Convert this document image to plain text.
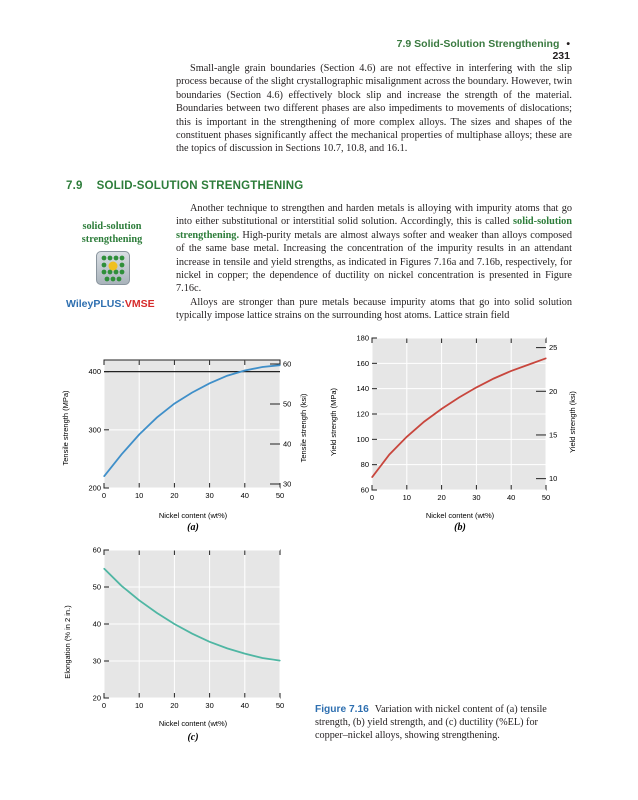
7.9 Solid-Solution Strengthening • 231

Small-angle grain boundaries (Section 4.6) are not effective in interfering with the slip process because of the slight crystallographic misalignment across the boundary. However, twin boundaries (Section 4.6) effectively block slip and increase the strength of the material. Boundaries between two different phases are also impediments to movements of dislocations; this is important in the strengthening of more complex alloys. The sizes and shapes of the constituent phases significantly affect the mechanical properties of multiphase alloys; these are the topics of discussion in Sections 10.7, 10.8, and 16.1.

7.9 SOLID-SOLUTION STRENGTHENING
solid-solution
strengthening
WileyPLUS:VMSE

Another technique to strengthen and harden metals is alloying with impurity atoms that go into either substitutional or interstitial solid solution. Accordingly, this is called solid-solution strengthening. High-purity metals are almost always softer and weaker than alloys composed of the same base metal. Increasing the concentration of the impurity results in an attendant increase in tensile and yield strengths, as indicated in Figures 7.16a and 7.16b, respectively, for nickel in copper; the dependence of ductility on nickel concentration is presented in Figure 7.16c.

Alloys are stronger than pure metals because impurity atoms that go into solid solution typically impose lattice strains on the surrounding host atoms. Lattice strain field

0	10	20	30	40	50
200
300
400
30
40
50
60
Tensile strength (MPa)	Tensile strength (ksi)
Nickel content (wt%)
(a)
0	10	20	30	40	50
60
80
100
120
140
160
180
10
15
20
25
Yield strength (MPa)	Yield strength (ksi)
Nickel content (wt%)
(b)
0	10	20	30	40	50
20
30
40
50
60
Elongation (% in 2 in.)
Nickel content (wt%)
(c)
Figure 7.16 Variation with nickel content of (a) tensile strength, (b) yield strength, and (c) ductility (%EL) for copper–nickel alloys, showing strengthening.
